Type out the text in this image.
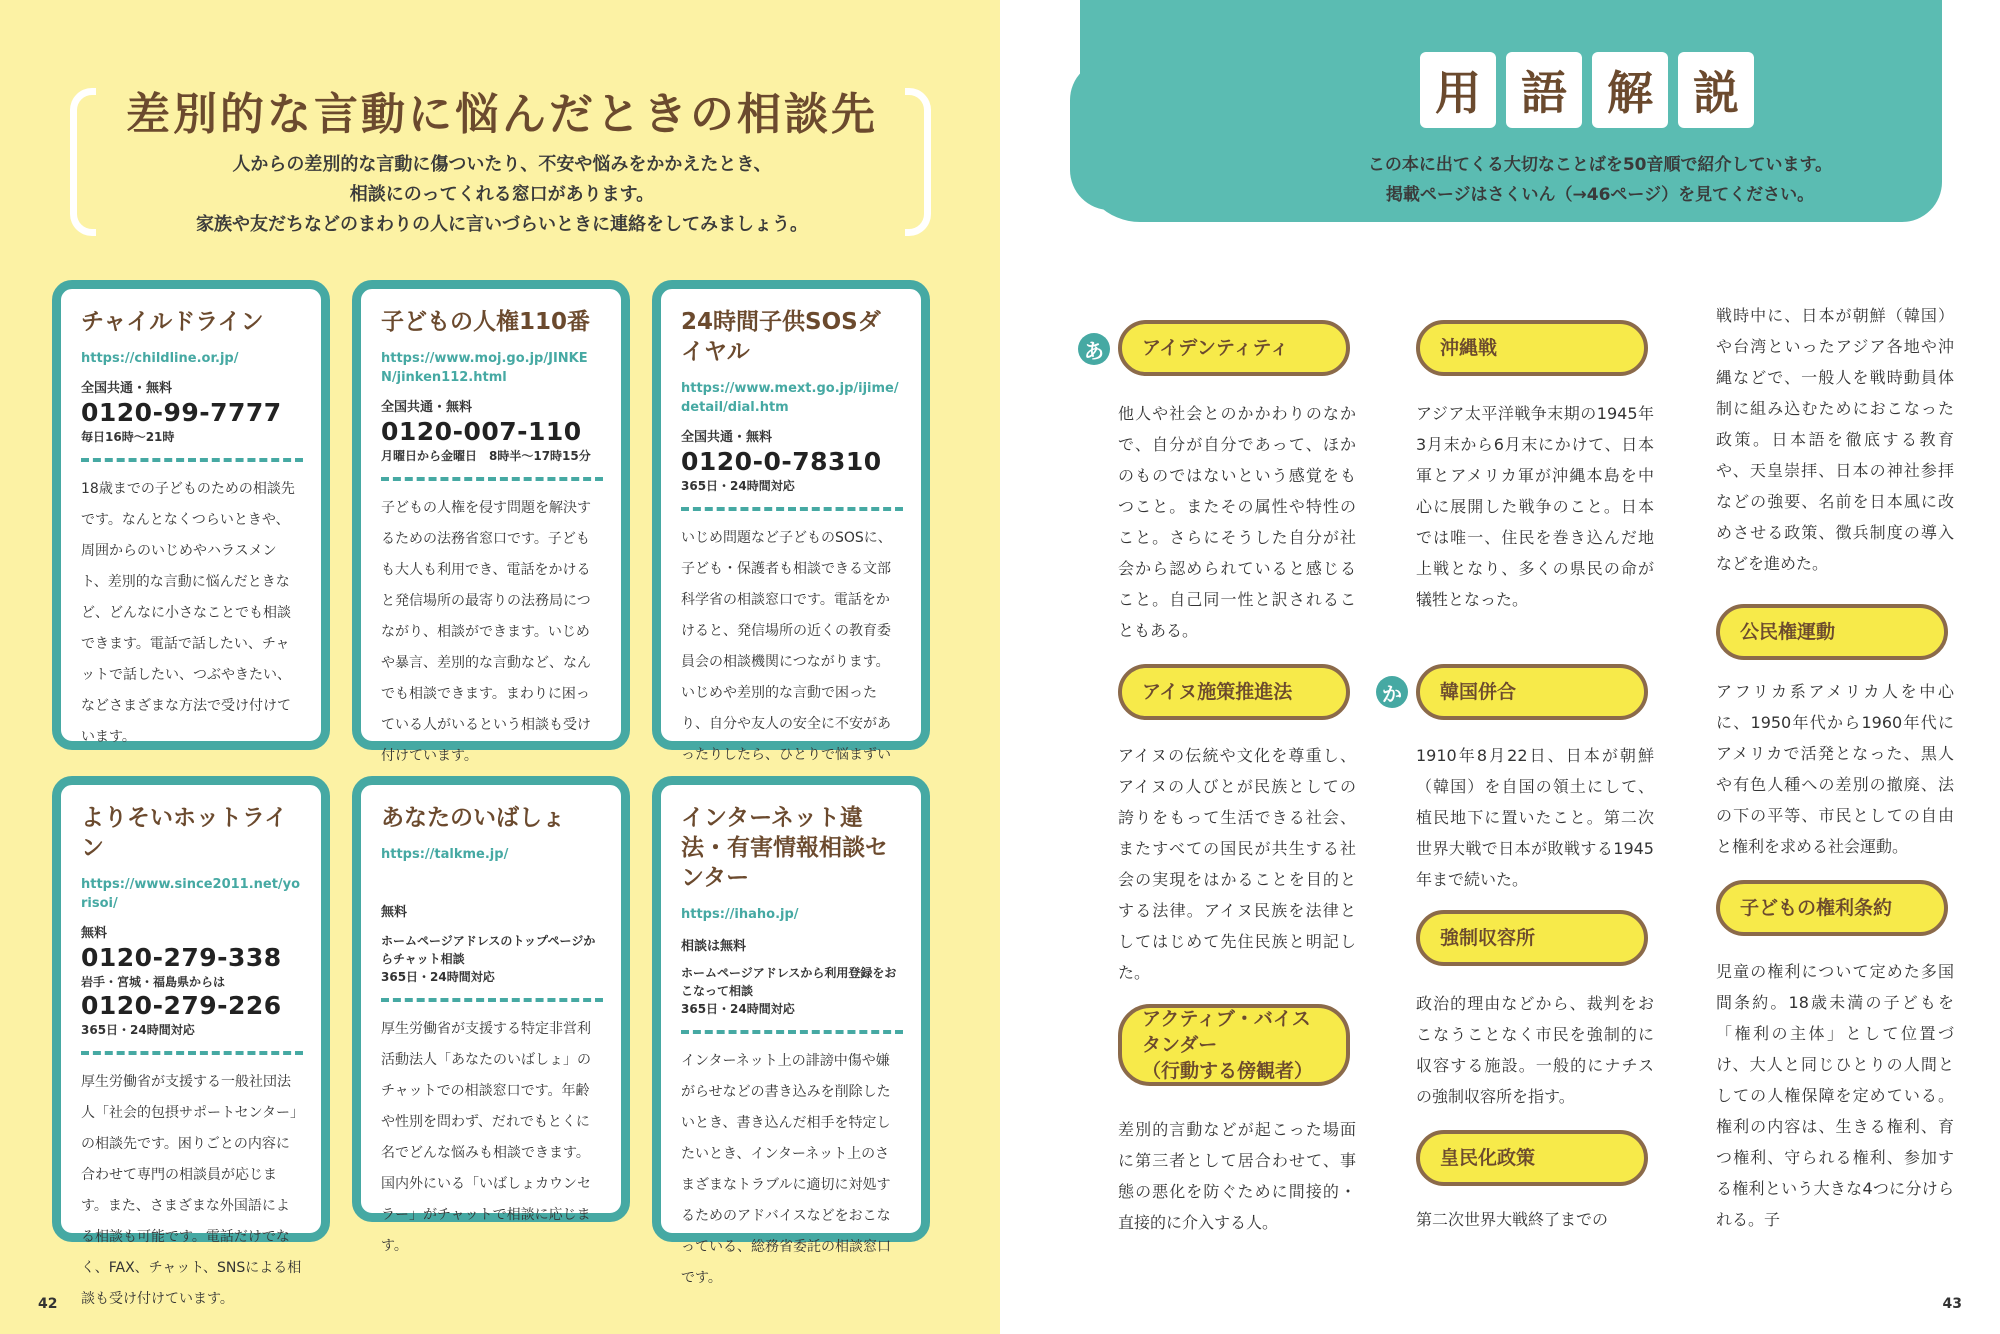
差別的な言動に悩んだときの相談先
人からの差別的な言動に傷ついたり、不安や悩みをかかえたとき、
相談にのってくれる窓口があります。
家族や友だちなどのまわりの人に言いづらいときに連絡をしてみましょう。
チャイルドライン
https://childline.or.jp/
全国共通・無料
0120-99-7777
毎日16時〜21時
18歳までの子どものための相談先です。なんとなくつらいときや、周囲からのいじめやハラスメント、差別的な言動に悩んだときなど、どんなに小さなことでも相談できます。電話で話したい、チャットで話したい、つぶやきたい、などさまざまな方法で受け付けています。
子どもの人権110番
https://www.moj.go.jp/JINKEN/jinken112.html
全国共通・無料
0120-007-110
月曜日から金曜日　8時半〜17時15分
子どもの人権を侵す問題を解決するための法務省窓口です。子どもも大人も利用でき、電話をかけると発信場所の最寄りの法務局につながり、相談ができます。いじめや暴言、差別的な言動など、なんでも相談できます。まわりに困っている人がいるという相談も受け付けています。
24時間子供SOSダイヤル
https://www.mext.go.jp/ijime/detail/dial.htm
全国共通・無料
0120-0-78310
365日・24時間対応
いじめ問題など子どものSOSに、子ども・保護者も相談できる文部科学省の相談窓口です。電話をかけると、発信場所の近くの教育委員会の相談機関につながります。いじめや差別的な言動で困ったり、自分や友人の安全に不安があったりしたら、ひとりで悩まずい
よりそいホットライン
https://www.since2011.net/yorisoi/
無料
0120-279-338
岩手・宮城・福島県からは
0120-279-226
365日・24時間対応
厚生労働省が支援する一般社団法人「社会的包摂サポートセンター」の相談先です。困りごとの内容に合わせて専門の相談員が応じます。また、さまざまな外国語による相談も可能です。電話だけでなく、FAX、チャット、SNSによる相談も受け付けています。
あなたのいばしょ
https://talkme.jp/
無料
ホームページアドレスのトップページからチャット相談
365日・24時間対応
厚生労働省が支援する特定非営利活動法人「あなたのいばしょ」のチャットでの相談窓口です。年齢や性別を問わず、だれでもとくに名でどんな悩みも相談できます。国内外にいる「いばしょカウンセラー」がチャットで相談に応じます。
インターネット違法・有害情報相談センター
https://ihaho.jp/
相談は無料
ホームページアドレスから利用登録をおこなって相談
365日・24時間対応
インターネット上の誹謗中傷や嫌がらせなどの書き込みを削除したいとき、書き込んだ相手を特定したいとき、インターネット上のさまざまなトラブルに適切に対処するためのアドバイスなどをおこなっている、総務省委託の相談窓口です。
42
用 語 解 説
この本に出てくる大切なことばを50音順で紹介しています。
掲載ページはさくいん（→46ページ）を見てください。
あ
か
アイデンティティ
他人や社会とのかかわりのなかで、自分が自分であって、ほかのものではないという感覚をもつこと。またその属性や特性のこと。さらにそうした自分が社会から認められていると感じること。自己同一性と訳されることもある。
アイヌ施策推進法
アイヌの伝統や文化を尊重し、アイヌの人びとが民族としての誇りをもって生活できる社会、またすべての国民が共生する社会の実現をはかることを目的とする法律。アイヌ民族を法律としてはじめて先住民族と明記した。
アクティブ・バイスタンダー
（行動する傍観者）
差別的言動などが起こった場面に第三者として居合わせて、事態の悪化を防ぐために間接的・直接的に介入する人。
沖縄戦
アジア太平洋戦争末期の1945年3月末から6月末にかけて、日本軍とアメリカ軍が沖縄本島を中心に展開した戦争のこと。日本では唯一、住民を巻き込んだ地上戦となり、多くの県民の命が犠牲となった。
韓国併合
1910年8月22日、日本が朝鮮（韓国）を自国の領土にして、植民地下に置いたこと。第二次世界大戦で日本が敗戦する1945年まで続いた。
強制収容所
政治的理由などから、裁判をおこなうことなく市民を強制的に収容する施設。一般的にナチスの強制収容所を指す。
皇民化政策
第二次世界大戦終了までの
戦時中に、日本が朝鮮（韓国）や台湾といったアジア各地や沖縄などで、一般人を戦時動員体制に組み込むためにおこなった政策。日本語を徹底する教育や、天皇崇拝、日本の神社参拝などの強要、名前を日本風に改めさせる政策、徴兵制度の導入などを進めた。
公民権運動
アフリカ系アメリカ人を中心に、1950年代から1960年代にアメリカで活発となった、黒人や有色人種への差別の撤廃、法の下の平等、市民としての自由と権利を求める社会運動。
子どもの権利条約
児童の権利について定めた多国間条約。18歳未満の子どもを「権利の主体」として位置づけ、大人と同じひとりの人間としての人権保障を定めている。権利の内容は、生きる権利、育つ権利、守られる権利、参加する権利という大きな4つに分けられる。子
43
